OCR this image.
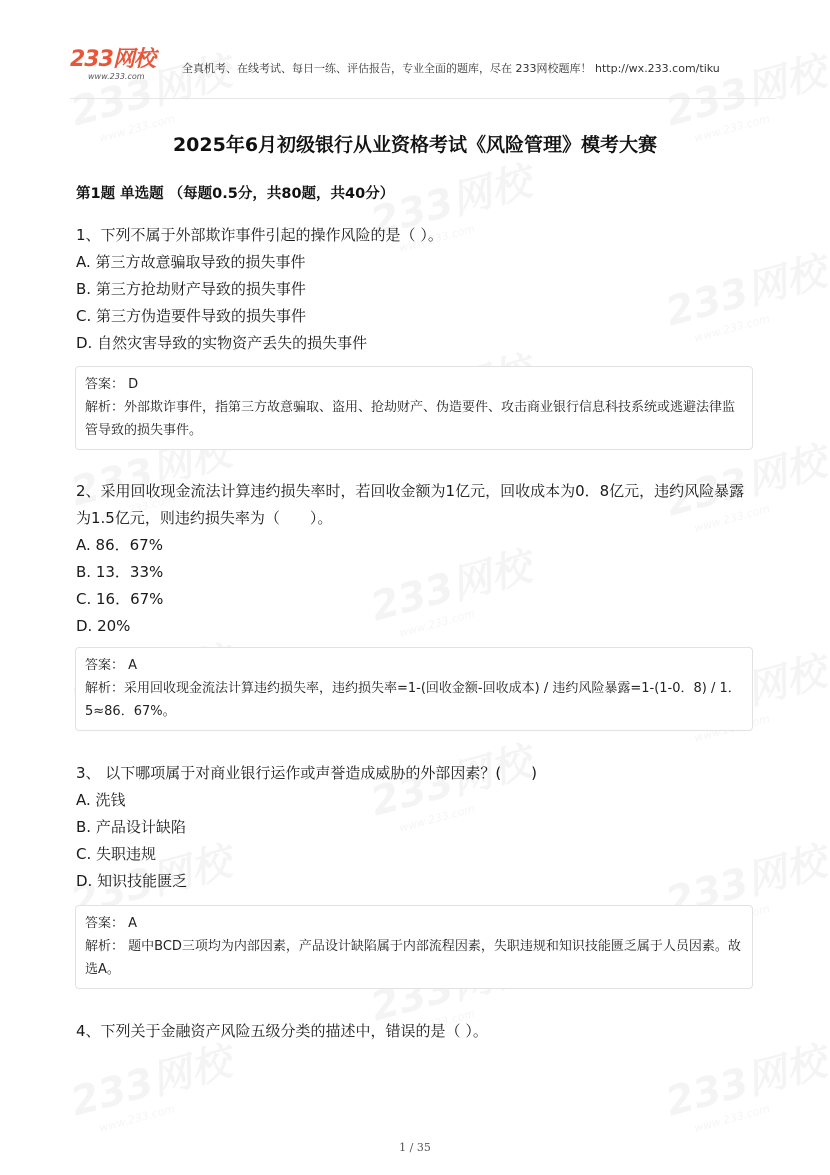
233网校
www.233.com
全真机考、在线考试、每日一练、评估报告，专业全面的题库，尽在 233网校题库！ http://wx.233.com/tiku
2025年6月初级银行从业资格考试《风险管理》模考大赛
第1题 单选题 （每题0.5分，共80题，共40分）
1、下列不属于外部欺诈事件引起的操作风险的是（ ）。
A. 第三方故意骗取导致的损失事件
B. 第三方抢劫财产导致的损失事件
C. 第三方伪造要件导致的损失事件
D. 自然灾害导致的实物资产丢失的损失事件
答案： D
解析：外部欺诈事件，指第三方故意骗取、盗用、抢劫财产、伪造要件、攻击商业银行信息科技系统或逃避法律监管导致的损失事件。
2、采用回收现金流法计算违约损失率时，若回收金额为1亿元，回收成本为0．8亿元，违约风险暴露为1.5亿元，则违约损失率为（　　）。
A. 86．67%
B. 13．33%
C. 16．67%
D. 20%
答案： A
解析：采用回收现金流法计算违约损失率，违约损失率=1-(回收金额-回收成本) / 违约风险暴露=1-(1-0．8) / 1．5≈86．67%。
3、 以下哪项属于对商业银行运作或声誉造成威胁的外部因素？(　　)
A. 洗钱
B. 产品设计缺陷
C. 失职违规
D. 知识技能匮乏
答案： A
解析： 题中BCD三项均为内部因素，产品设计缺陷属于内部流程因素，失职违规和知识技能匮乏属于人员因素。故选A。
4、下列关于金融资产风险五级分类的描述中，错误的是（ ）。
1 / 35
